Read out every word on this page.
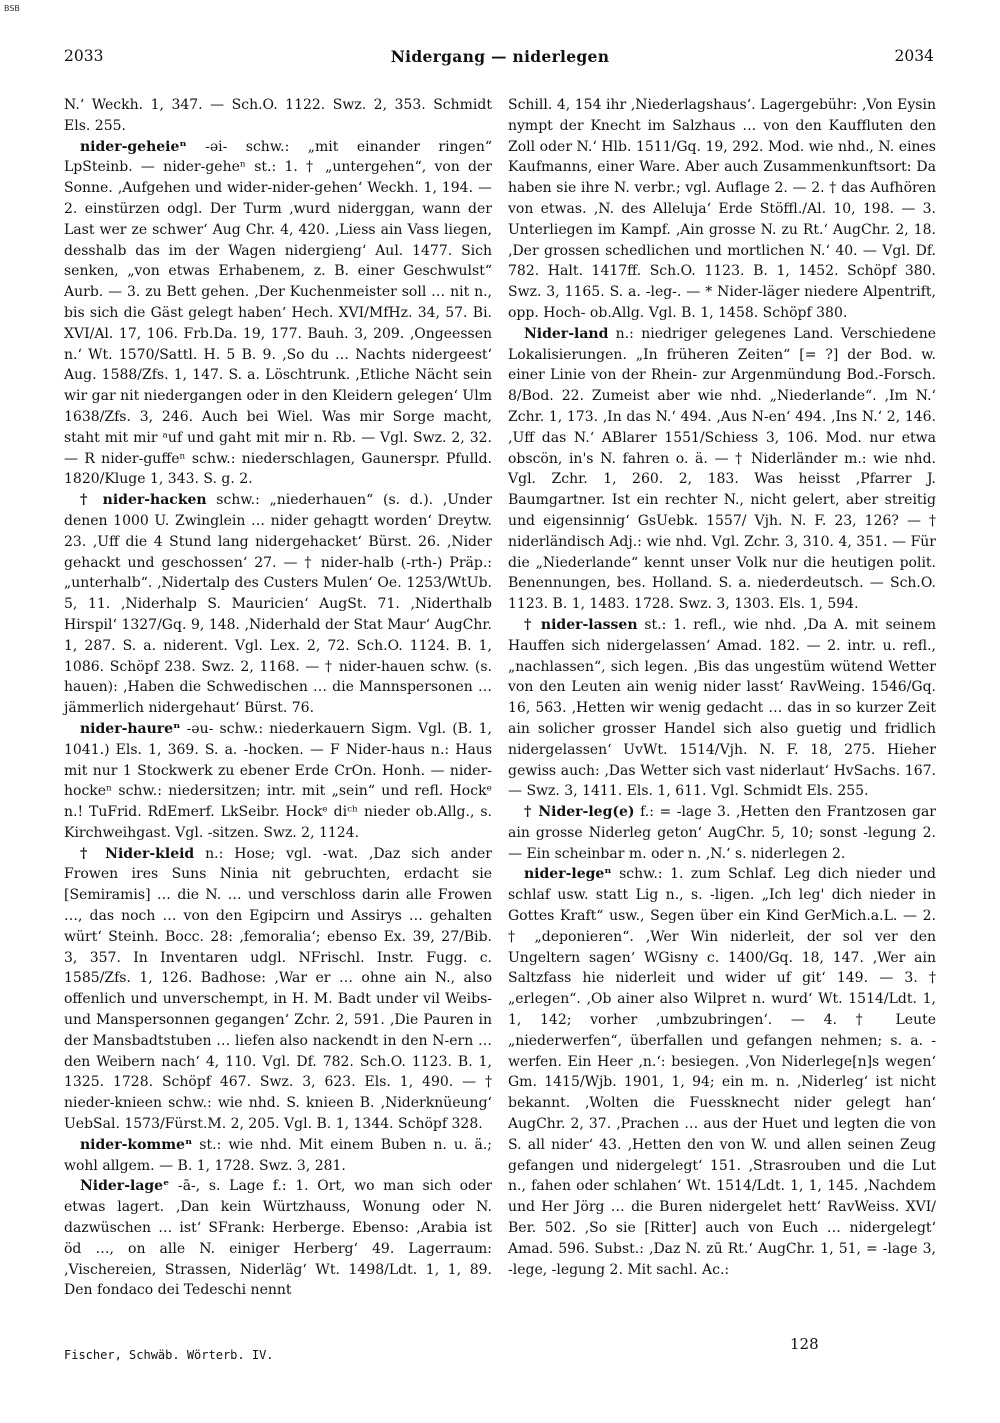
BSB
2033	Nidergang — niderlegen	2034

N.‘ Weckh. 1, 347. — Sch.O. 1122. Swz. 2, 353. Schmidt Els. 255.

nider-geheieⁿ -əi- schw.: „mit einander ringen“ LpSteinb. — nider-geheⁿ st.: 1. † „untergehen“, von der Sonne. ‚Aufgehen und wider-nider-gehen‘ Weckh. 1, 194. — 2. einstürzen odgl. Der Turm ‚wurd niderggan, wann der Last wer ze schwer‘ Aug Chr. 4, 420. ‚Liess ain Vass liegen, desshalb das im der Wagen nidergieng‘ Aul. 1477. Sich senken, „von etwas Erhabenem, z. B. einer Geschwulst“ Aurb. — 3. zu Bett gehen. ‚Der Kuchenmeister soll … nit n., bis sich die Gäst gelegt haben‘ Hech. XVI/MfHz. 34, 57. Bi. XVI/Al. 17, 106. Frb.Da. 19, 177. Bauh. 3, 209. ‚Ongeessen n.‘ Wt. 1570/Sattl. H. 5 B. 9. ‚So du … Nachts nidergeest‘ Aug. 1588/Zfs. 1, 147. S. a. Löschtrunk. ‚Etliche Nächt sein wir gar nit niedergangen oder in den Kleidern gelegen‘ Ulm 1638/Zfs. 3, 246. Auch bei Wiel. Was mir Sorge macht, staht mit mir ᵃuf und gaht mit mir n. Rb. — Vgl. Swz. 2, 32. — R nider-guffeⁿ schw.: niederschlagen, Gaunerspr. Pfulld. 1820/Kluge 1, 343. S. g. 2.

† nider-hacken schw.: „niederhauen“ (s. d.). ‚Under denen 1000 U. Zwinglein … nider gehagtt worden‘ Dreytw. 23. ‚Uff die 4 Stund lang nidergehacket‘ Bürst. 26. ‚Nider gehackt und geschossen‘ 27. — † nider-halb (-rth-) Präp.: „unterhalb“. ‚Nidertalp des Custers Mulen‘ Oe. 1253/WtUb. 5, 11. ‚Niderhalp S. Mauricien‘ AugSt. 71. ‚Niderthalb Hirspil‘ 1327/Gq. 9, 148. ‚Niderhald der Stat Maur‘ AugChr. 1, 287. S. a. niderent. Vgl. Lex. 2, 72. Sch.O. 1124. B. 1, 1086. Schöpf 238. Swz. 2, 1168. — † nider-hauen schw. (s. hauen): ‚Haben die Schwedischen … die Mannspersonen … jämmerlich nidergehaut‘ Bürst. 76.

nider-haureⁿ -əu- schw.: niederkauern Sigm. Vgl. (B. 1, 1041.) Els. 1, 369. S. a. -hocken. — F Nider-haus n.: Haus mit nur 1 Stockwerk zu ebener Erde CrOn. Honh. — nider-hockeⁿ schw.: niedersitzen; intr. mit „sein“ und refl. Hockᵉ n.! TuFrid. RdEmerf. LkSeibr. Hockᵉ diᶜʰ nieder ob.Allg., s. Kirchweihgast. Vgl. -sitzen. Swz. 2, 1124.

† Nider-kleid n.: Hose; vgl. -wat. ‚Daz sich ander Frowen ires Suns Ninia nit gebruchten, erdacht sie [Semiramis] … die N. … und verschloss darin alle Frowen …, das noch … von den Egipcirn und Assirys … gehalten würt‘ Steinh. Bocc. 28: ‚femoralia‘; ebenso Ex. 39, 27/Bib. 3, 357. In Inventaren udgl. NFrischl. Instr. Fugg. c. 1585/Zfs. 1, 126. Badhose: ‚War er … ohne ain N., also offenlich und unverschempt, in H. M. Badt under vil Weibs- und Manspersonnen gegangen‘ Zchr. 2, 591. ‚Die Pauren in der Mansbadtstuben … liefen also nackendt in den N-ern … den Weibern nach‘ 4, 110. Vgl. Df. 782. Sch.O. 1123. B. 1, 1325. 1728. Schöpf 467. Swz. 3, 623. Els. 1, 490. — † nieder-knieen schw.: wie nhd. S. knieen B. ‚Niderknüeung‘ UebSal. 1573/Fürst.M. 2, 205. Vgl. B. 1, 1344. Schöpf 328.

nider-kommeⁿ st.: wie nhd. Mit einem Buben n. u. ä.; wohl allgem. — B. 1, 1728. Swz. 3, 281.

Nider-lageᵉ -ā-, s. Lage f.: 1. Ort, wo man sich oder etwas lagert. ‚Dan kein Würtzhauss, Wonung oder N. dazwüschen … ist‘ SFrank: Herberge. Ebenso: ‚Arabia ist öd …, on alle N. einiger Herberg‘ 49. Lagerraum: ‚Vischereien, Strassen, Niderläg‘ Wt. 1498/Ldt. 1, 1, 89. Den fondaco dei Tedeschi nennt

Schill. 4, 154 ihr ‚Niederlagshaus‘. Lagergebühr: ‚Von Eysin nympt der Knecht im Salzhaus … von den Kauffluten den Zoll oder N.‘ Hlb. 1511/Gq. 19, 292. Mod. wie nhd., N. eines Kaufmanns, einer Ware. Aber auch Zusammenkunftsort: Da haben sie ihre N. verbr.; vgl. Auflage 2. — 2. † das Aufhören von etwas. ‚N. des Alleluja‘ Erde Stöffl./Al. 10, 198. — 3. Unterliegen im Kampf. ‚Ain grosse N. zu Rt.‘ AugChr. 2, 18. ‚Der grossen schedlichen und mortlichen N.‘ 40. — Vgl. Df. 782. Halt. 1417ff. Sch.O. 1123. B. 1, 1452. Schöpf 380. Swz. 3, 1165. S. a. -leg-. — * Nider-läger niedere Alpentrift, opp. Hoch- ob.Allg. Vgl. B. 1, 1458. Schöpf 380.

Nider-land n.: niedriger gelegenes Land. Verschiedene Lokalisierungen. „In früheren Zeiten“ [= ?] der Bod. w. einer Linie von der Rhein- zur Argenmündung Bod.-Forsch. 8/Bod. 22. Zumeist aber wie nhd. „Niederlande“. ‚Im N.‘ Zchr. 1, 173. ‚In das N.‘ 494. ‚Aus N-en‘ 494. ‚Ins N.‘ 2, 146. ‚Uff das N.‘ ABlarer 1551/Schiess 3, 106. Mod. nur etwa obscön, in's N. fahren o. ä. — † Niderländer m.: wie nhd. Vgl. Zchr. 1, 260. 2, 183. Was heisst ‚Pfarrer J. Baumgartner. Ist ein rechter N., nicht gelert, aber streitig und eigensinnig‘ GsUebk. 1557/ Vjh. N. F. 23, 126? — † niderländisch Adj.: wie nhd. Vgl. Zchr. 3, 310. 4, 351. — Für die „Niederlande“ kennt unser Volk nur die heutigen polit. Benennungen, bes. Holland. S. a. niederdeutsch. — Sch.O. 1123. B. 1, 1483. 1728. Swz. 3, 1303. Els. 1, 594.

† nider-lassen st.: 1. refl., wie nhd. ‚Da A. mit seinem Hauffen sich nidergelassen‘ Amad. 182. — 2. intr. u. refl., „nachlassen“, sich legen. ‚Bis das ungestüm wütend Wetter von den Leuten ain wenig nider lasst‘ RavWeing. 1546/Gq. 16, 563. ‚Hetten wir wenig gedacht … das in so kurzer Zeit ain solicher grosser Handel sich also guetig und fridlich nidergelassen‘ UvWt. 1514/Vjh. N. F. 18, 275. Hieher gewiss auch: ‚Das Wetter sich vast niderlaut‘ HvSachs. 167. — Swz. 3, 1411. Els. 1, 611. Vgl. Schmidt Els. 255.

† Nider-leg(e) f.: = -lage 3. ‚Hetten den Frantzosen gar ain grosse Niderleg geton‘ AugChr. 5, 10; sonst -legung 2. — Ein scheinbar m. oder n. ‚N.‘ s. niderlegen 2.

nider-legeⁿ schw.: 1. zum Schlaf. Leg dich nieder und schlaf usw. statt Lig n., s. -ligen. „Ich leg' dich nieder in Gottes Kraft“ usw., Segen über ein Kind GerMich.a.L. — 2. † „deponieren“. ‚Wer Win niderleit, der sol ver den Ungeltern sagen‘ WGisny c. 1400/Gq. 18, 147. ‚Wer ain Saltzfass hie niderleit und wider uf git‘ 149. — 3. † „erlegen“. ‚Ob ainer also Wilpret n. wurd‘ Wt. 1514/Ldt. 1, 1, 142; vorher ‚umbzubringen‘. — 4. † Leute „niederwerfen“, überfallen und gefangen nehmen; s. a. -werfen. Ein Heer ‚n.‘: besiegen. ‚Von Niderlege[n]s wegen‘ Gm. 1415/Wjb. 1901, 1, 94; ein m. n. ‚Niderleg‘ ist nicht bekannt. ‚Wolten die Fuessknecht nider gelegt han‘ AugChr. 2, 37. ‚Prachen … aus der Huet und legten die von S. all nider‘ 43. ‚Hetten den von W. und allen seinen Zeug gefangen und nidergelegt‘ 151. ‚Strasrouben und die Lut n., fahen oder schlahen‘ Wt. 1514/Ldt. 1, 1, 145. ‚Nachdem und Her Jörg … die Buren nidergelet hett‘ RavWeiss. XVI/ Ber. 502. ‚So sie [Ritter] auch von Euch … nidergelegt‘ Amad. 596. Subst.: ‚Daz N. zū Rt.‘ AugChr. 1, 51, = -lage 3, -lege, -legung 2. Mit sachl. Ac.:

Fischer, Schwäb. Wörterb. IV.
128
